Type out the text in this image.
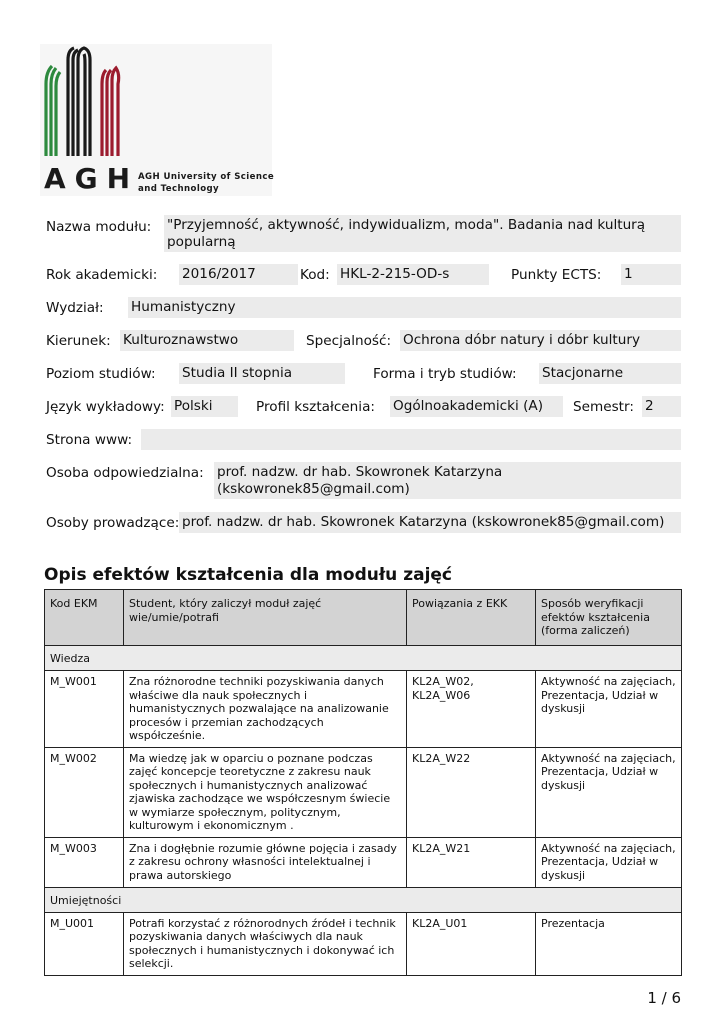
AGH
AGH University of Science
and Technology
Nazwa modułu: "Przyjemność, aktywność, indywidualizm, moda". Badania nad kulturą popularną
Rok akademicki: 2016/2017	Kod: HKL-2-215-OD-s	Punkty ECTS: 1
Wydział: Humanistyczny
Kierunek: Kulturoznawstwo	Specjalność: Ochrona dóbr natury i dóbr kultury
Poziom studiów: Studia II stopnia	Forma i tryb studiów: Stacjonarne
Język wykładowy: Polski	Profil kształcenia: Ogólnoakademicki (A)	Semestr: 2
Strona www:
Osoba odpowiedzialna: prof. nadzw. dr hab. Skowronek Katarzyna (kskowronek85@gmail.com)
Osoby prowadzące: prof. nadzw. dr hab. Skowronek Katarzyna (kskowronek85@gmail.com)
Opis efektów kształcenia dla modułu zajęć
Kod EKM	Student, który zaliczył moduł zajęć wie/umie/potrafi	Powiązania z EKK	Sposób weryfikacji efektów kształcenia (forma zaliczeń)
Wiedza			
M_W001	Zna różnorodne techniki pozyskiwania danych właściwe dla nauk społecznych i humanistycznych pozwalające na analizowanie procesów i przemian zachodzących współcześnie.	KL2A_W02, KL2A_W06	Aktywność na zajęciach, Prezentacja, Udział w dyskusji
M_W002	Ma wiedzę jak w oparciu o poznane podczas zajęć koncepcje teoretyczne z zakresu nauk społecznych i humanistycznych analizować zjawiska zachodzące we współczesnym świecie w wymiarze społecznym, politycznym, kulturowym i ekonomicznym .	KL2A_W22	Aktywność na zajęciach, Prezentacja, Udział w dyskusji
M_W003	Zna i dogłębnie rozumie główne pojęcia i zasady z zakresu ochrony własności intelektualnej i prawa autorskiego	KL2A_W21	Aktywność na zajęciach, Prezentacja, Udział w dyskusji
Umiejętności			
M_U001	Potrafi korzystać z różnorodnych źródeł i technik pozyskiwania danych właściwych dla nauk społecznych i humanistycznych i dokonywać ich selekcji.	KL2A_U01	Prezentacja
1 / 6
